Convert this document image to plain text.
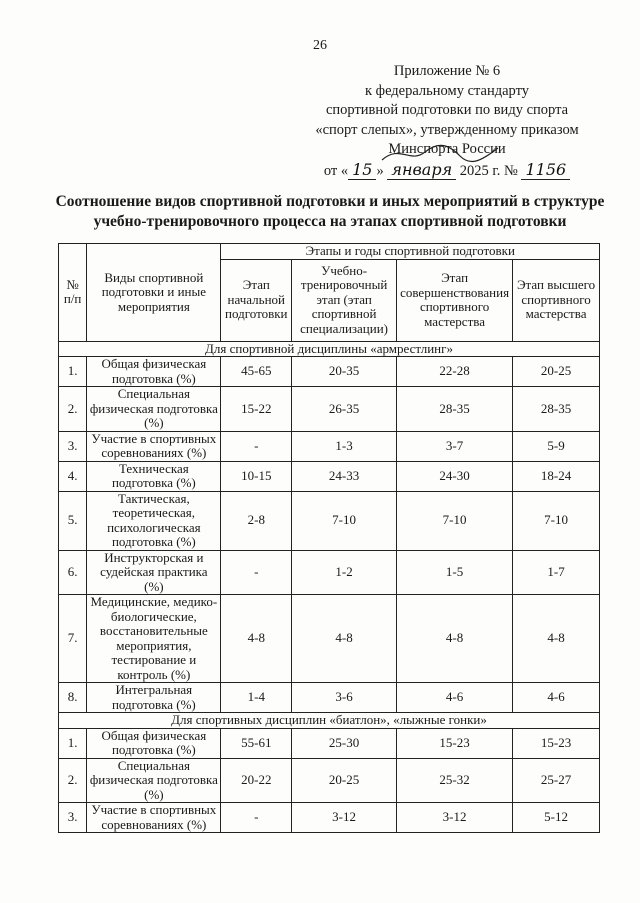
26
Приложение № 6
к федеральному стандарту
спортивной подготовки по виду спорта
«спорт слепых», утвержденному приказом
Минспорта России
от « 15 » января 2025 г. № 1156
Соотношение видов спортивной подготовки и иных мероприятий в структуре учебно-тренировочного процесса на этапах спортивной подготовки
№ п/п	Виды спортивной подготовки и иные мероприятия	Этапы и годы спортивной подготовки			
		Этап начальной подготовки	Учебно-тренировочный этап (этап спортивной специализации)	Этап совершенствования спортивного мастерства	Этап высшего спортивного мастерства
Для спортивной дисциплины «армрестлинг»					
1.	Общая физическая подготовка (%)	45-65	20-35	22-28	20-25
2.	Специальная физическая подготовка (%)	15-22	26-35	28-35	28-35
3.	Участие в спортивных соревнованиях (%)	-	1-3	3-7	5-9
4.	Техническая подготовка (%)	10-15	24-33	24-30	18-24
5.	Тактическая, теоретическая, психологическая подготовка (%)	2-8	7-10	7-10	7-10
6.	Инструкторская и судейская практика (%)	-	1-2	1-5	1-7
7.	Медицинские, медико-биологические, восстановительные мероприятия, тестирование и контроль (%)	4-8	4-8	4-8	4-8
8.	Интегральная подготовка (%)	1-4	3-6	4-6	4-6
Для спортивных дисциплин «биатлон», «лыжные гонки»					
1.	Общая физическая подготовка (%)	55-61	25-30	15-23	15-23
2.	Специальная физическая подготовка (%)	20-22	20-25	25-32	25-27
3.	Участие в спортивных соревнованиях (%)	-	3-12	3-12	5-12
